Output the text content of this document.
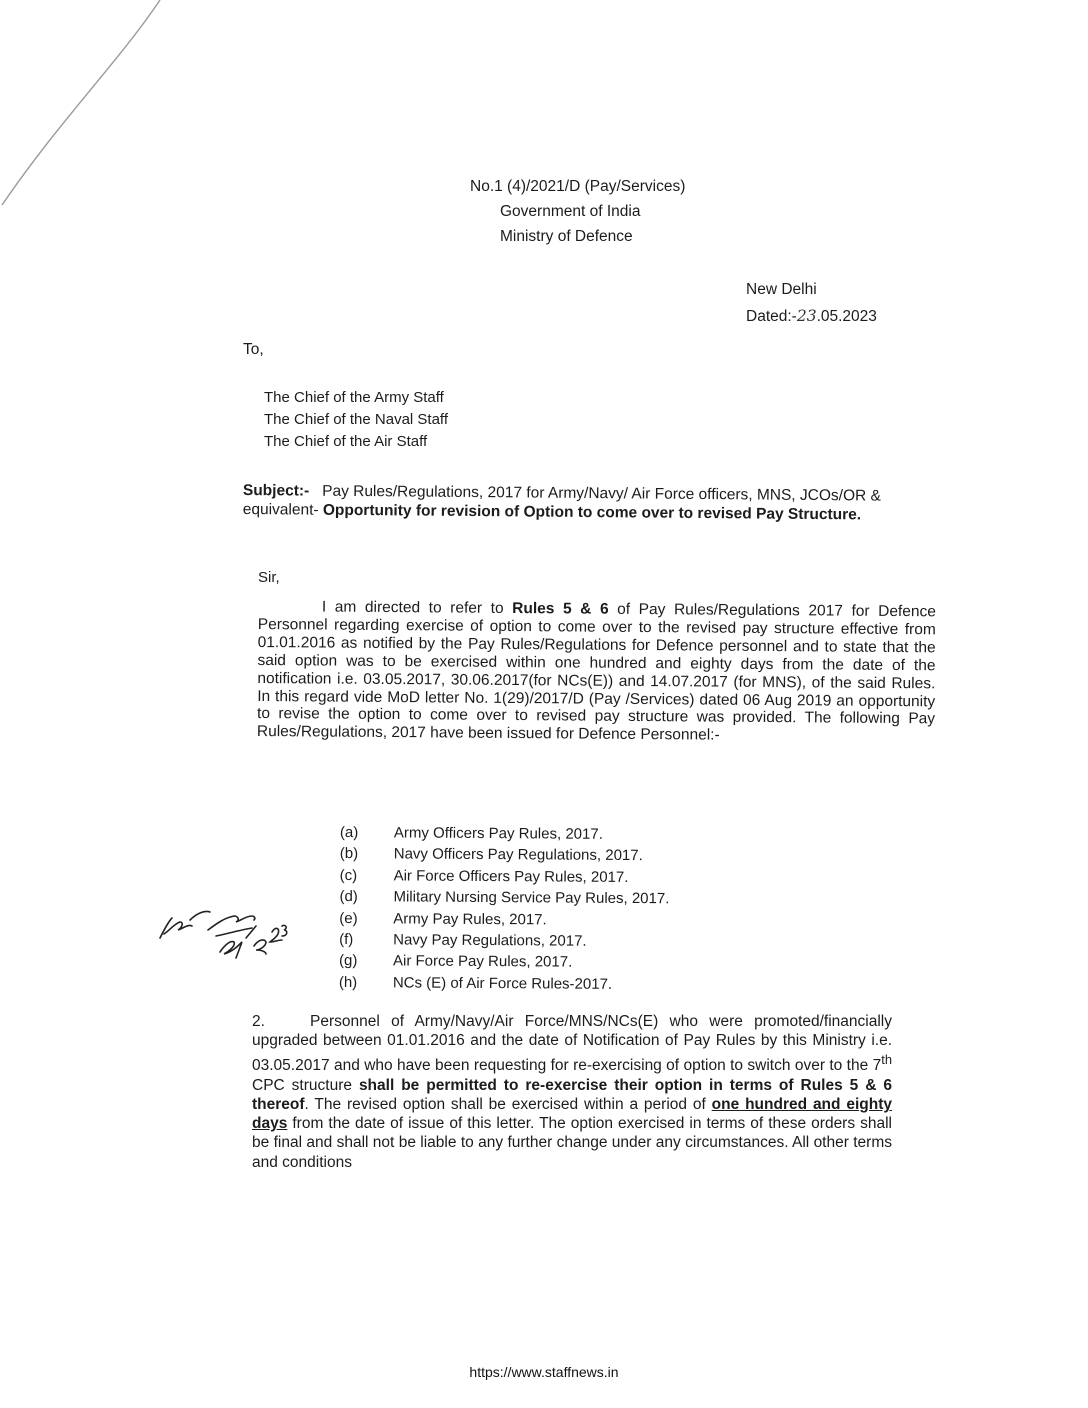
No.1 (4)/2021/D (Pay/Services)
Government of India
Ministry of Defence
New Delhi
Dated:-23.05.2023
To,
The Chief of the Army Staff
The Chief of the Naval Staff
The Chief of the Air Staff
Subject:- Pay Rules/Regulations, 2017 for Army/Navy/ Air Force officers, MNS, JCOs/OR & equivalent- Opportunity for revision of Option to come over to revised Pay Structure.
Sir,
I am directed to refer to Rules 5 & 6 of Pay Rules/Regulations 2017 for Defence Personnel regarding exercise of option to come over to the revised pay structure effective from 01.01.2016 as notified by the Pay Rules/Regulations for Defence personnel and to state that the said option was to be exercised within one hundred and eighty days from the date of the notification i.e. 03.05.2017, 30.06.2017(for NCs(E)) and 14.07.2017 (for MNS), of the said Rules. In this regard vide MoD letter No. 1(29)/2017/D (Pay /Services) dated 06 Aug 2019 an opportunity to revise the option to come over to revised pay structure was provided. The following Pay Rules/Regulations, 2017 have been issued for Defence Personnel:-
(a)	Army Officers Pay Rules, 2017.
(b)	Navy Officers Pay Regulations, 2017.
(c)	Air Force Officers Pay Rules, 2017.
(d)	Military Nursing Service Pay Rules, 2017.
(e)	Army Pay Rules, 2017.
(f)	Navy Pay Regulations, 2017.
(g)	Air Force Pay Rules, 2017.
(h)	NCs (E) of Air Force Rules-2017.
2.	Personnel of Army/Navy/Air Force/MNS/NCs(E) who were promoted/financially upgraded between 01.01.2016 and the date of Notification of Pay Rules by this Ministry i.e. 03.05.2017 and who have been requesting for re-exercising of option to switch over to the 7th CPC structure shall be permitted to re-exercise their option in terms of Rules 5 & 6 thereof. The revised option shall be exercised within a period of one hundred and eighty days from the date of issue of this letter. The option exercised in terms of these orders shall be final and shall not be liable to any further change under any circumstances. All other terms and conditions
https://www.staffnews.in
